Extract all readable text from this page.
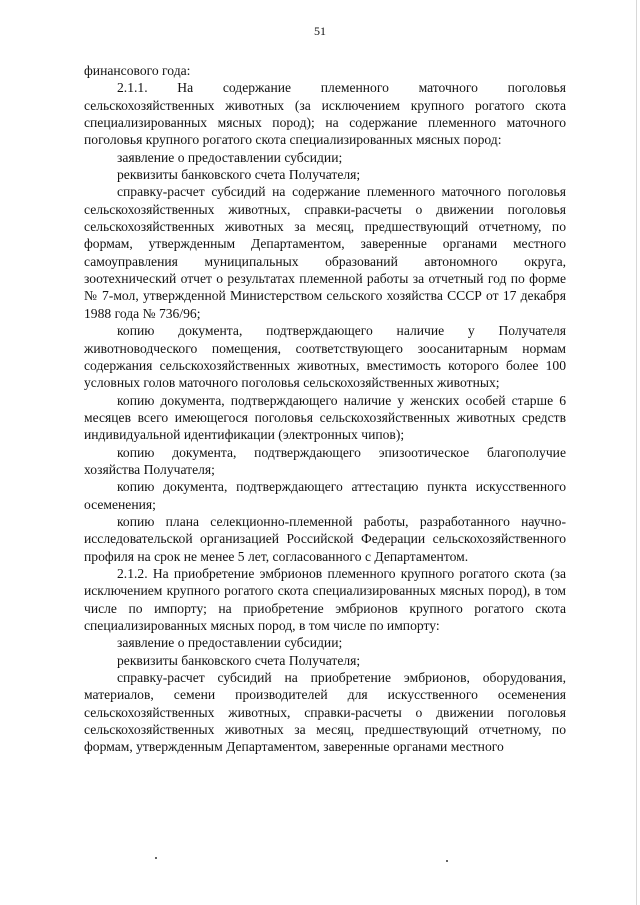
51

финансового года:

2.1.1. На содержание племенного маточного поголовья сельскохозяйственных животных (за исключением крупного рогатого скота специализированных мясных пород); на содержание племенного маточного поголовья крупного рогатого скота специализированных мясных пород:

заявление о предоставлении субсидии;

реквизиты банковского счета Получателя;

справку-расчет субсидий на содержание племенного маточного поголовья сельскохозяйственных животных, справки-расчеты о движении поголовья сельскохозяйственных животных за месяц, предшествующий отчетному, по формам, утвержденным Департаментом, заверенные органами местного самоуправления муниципальных образований автономного округа, зоотехнический отчет о результатах племенной работы за отчетный год по форме № 7-мол, утвержденной Министерством сельского хозяйства СССР от 17 декабря 1988 года № 736/96;

копию документа, подтверждающего наличие у Получателя животноводческого помещения, соответствующего зоосанитарным нормам содержания сельскохозяйственных животных, вместимость которого более 100 условных голов маточного поголовья сельскохозяйственных животных;

копию документа, подтверждающего наличие у женских особей старше 6 месяцев всего имеющегося поголовья сельскохозяйственных животных средств индивидуальной идентификации (электронных чипов);

копию документа, подтверждающего эпизоотическое благополучие хозяйства Получателя;

копию документа, подтверждающего аттестацию пункта искусственного осеменения;

копию плана селекционно-племенной работы, разработанного научно-исследовательской организацией Российской Федерации сельскохозяйственного профиля на срок не менее 5 лет, согласованного с Департаментом.

2.1.2. На приобретение эмбрионов племенного крупного рогатого скота (за исключением крупного рогатого скота специализированных мясных пород), в том числе по импорту; на приобретение эмбрионов крупного рогатого скота специализированных мясных пород, в том числе по импорту:

заявление о предоставлении субсидии;

реквизиты банковского счета Получателя;

справку-расчет субсидий на приобретение эмбрионов, оборудования, материалов, семени производителей для искусственного осеменения сельскохозяйственных животных, справки-расчеты о движении поголовья сельскохозяйственных животных за месяц, предшествующий отчетному, по формам, утвержденным Департаментом, заверенные органами местного
